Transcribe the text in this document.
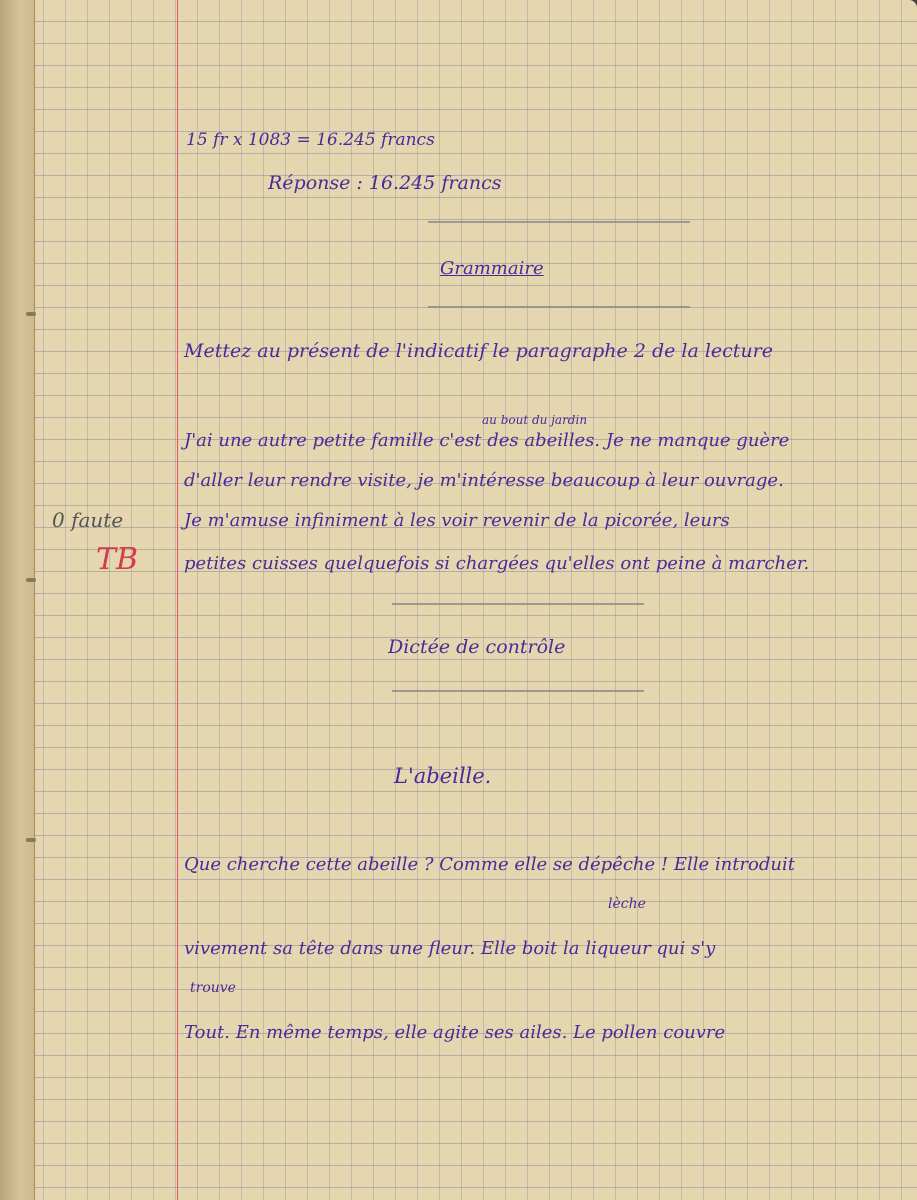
15 fr x 1083 = 16.245 francs
Réponse : 16.245 francs
Grammaire
Mettez au présent de l'indicatif le paragraphe 2 de la lecture
au bout du jardin
J'ai une autre petite famille c'est des abeilles. Je ne manque guère
d'aller leur rendre visite, je m'intéresse beaucoup à leur ouvrage.
Je m'amuse infiniment à les voir revenir de la picorée, leurs
petites cuisses quelquefois si chargées qu'elles ont peine à marcher.
0 faute
TB
Dictée de contrôle
L'abeille.
Que cherche cette abeille ? Comme elle se dépêche ! Elle introduit
lèche
vivement sa tête dans une fleur. Elle boit la liqueur qui s'y
trouve
Tout. En même temps, elle agite ses ailes. Le pollen couvre
